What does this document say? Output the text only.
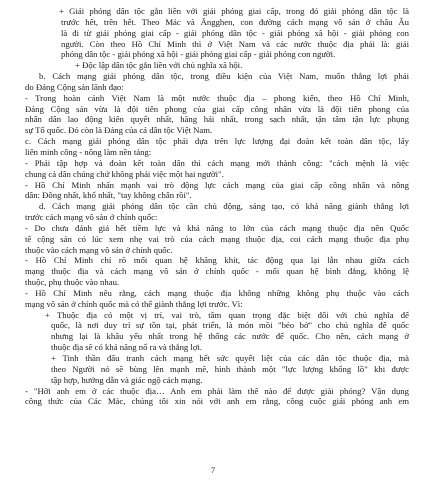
+ Giải phóng dân tộc gắn liền với giải phóng giai cấp, trong đó giải phóng dân tộc là
trước hết, trên hết. Theo Mác và Ăngghen, con đường cách mạng vô sản ở châu Âu
là đi từ giải phóng giai cấp - giải phóng dân tộc - giải phóng xã hội - giải phóng con
người. Còn theo Hồ Chí Minh thì ở Việt Nam và các nước thuộc địa phải là: giải
phóng dân tộc - giải phóng xã hội - giải phóng giai cấp - giải phóng con người.
+ Độc lập dân tộc gắn liền với chủ nghĩa xã hội.
b. Cách mạng giải phóng dân tộc, trong điều kiện của Việt Nam, muốn thắng lợi phải
do Đảng Cộng sản lãnh đạo:
- Trong hoàn cảnh Việt Nam là một nước thuộc địa – phong kiến, theo Hồ Chí Minh,
Đảng Cộng sản vừa là đội tiên phong của giai cấp công nhân vừa là đội tiên phong của
nhân dân lao động kiên quyết nhất, hăng hái nhất, trong sạch nhất, tận tâm tận lực phụng
sự Tổ quốc. Đó còn là Đảng của cả dân tộc Việt Nam.
c. Cách mạng giải phóng dân tộc phải dựa trên lực lượng đại đoàn kết toàn dân tộc, lấy
liên minh công - nông làm nền tảng:
- Phải tập hợp và đoàn kết toàn dân thì cách mạng mới thành công: "cách mệnh là việc
chung cả dân chúng chứ không phải việc một hai người".
- Hồ Chí Minh nhấn mạnh vai trò động lực cách mạng của giai cấp công nhân và nông
dân: Đông nhất, khổ nhất, "tay không chân rồi".
d. Cách mạng giải phóng dân tộc cần chủ động, sáng tạo, có khả năng giành thắng lợi
trước cách mạng vô sản ở chính quốc:
- Do chưa đánh giá hết tiềm lực và khả năng to lớn của cách mạng thuộc địa nên Quốc
tế cộng sản có lúc xem nhẹ vai trò của cách mạng thuộc địa, coi cách mạng thuộc địa phụ
thuộc vào cách mạng vô sản ở chính quốc.
- Hồ Chí Minh chỉ rõ mối quan hệ khăng khít, tác động qua lại lẫn nhau giữa cách
mạng thuộc địa và cách mạng vô sản ở chính quốc - mối quan hệ bình đẳng, không lệ
thuộc, phụ thuộc vào nhau.
- Hồ Chí Minh nêu rằng, cách mạng thuộc địa không những không phụ thuộc vào cách
mạng vô sản ở chính quốc mà có thể giành thắng lợi trước. Vì:
+ Thuộc địa có một vị trí, vai trò, tầm quan trọng đặc biệt đối với chủ nghĩa đế
quốc, là nơi duy trì sự tồn tại, phát triển, là món mồi "béo bở" cho chủ nghĩa đế quốc
nhưng lại là khâu yếu nhất trong hệ thống các nước đế quốc. Cho nên, cách mạng ở
thuộc địa sẽ có khả năng nổ ra và thắng lợi.
+ Tinh thần đấu tranh cách mạng hết sức quyết liệt của các dân tộc thuộc địa, mà
theo Người nó sẽ bùng lên mạnh mẽ, hình thành một "lực lượng khổng lồ" khi được
tập hợp, hướng dẫn và giác ngộ cách mạng.
- "Hỡi anh em ở các thuộc địa… Anh em phải làm thế nào để được giải phóng? Vận dụng
công thức của Các Mác, chúng tôi xin nói với anh em rằng, công cuộc giải phóng anh em
7
